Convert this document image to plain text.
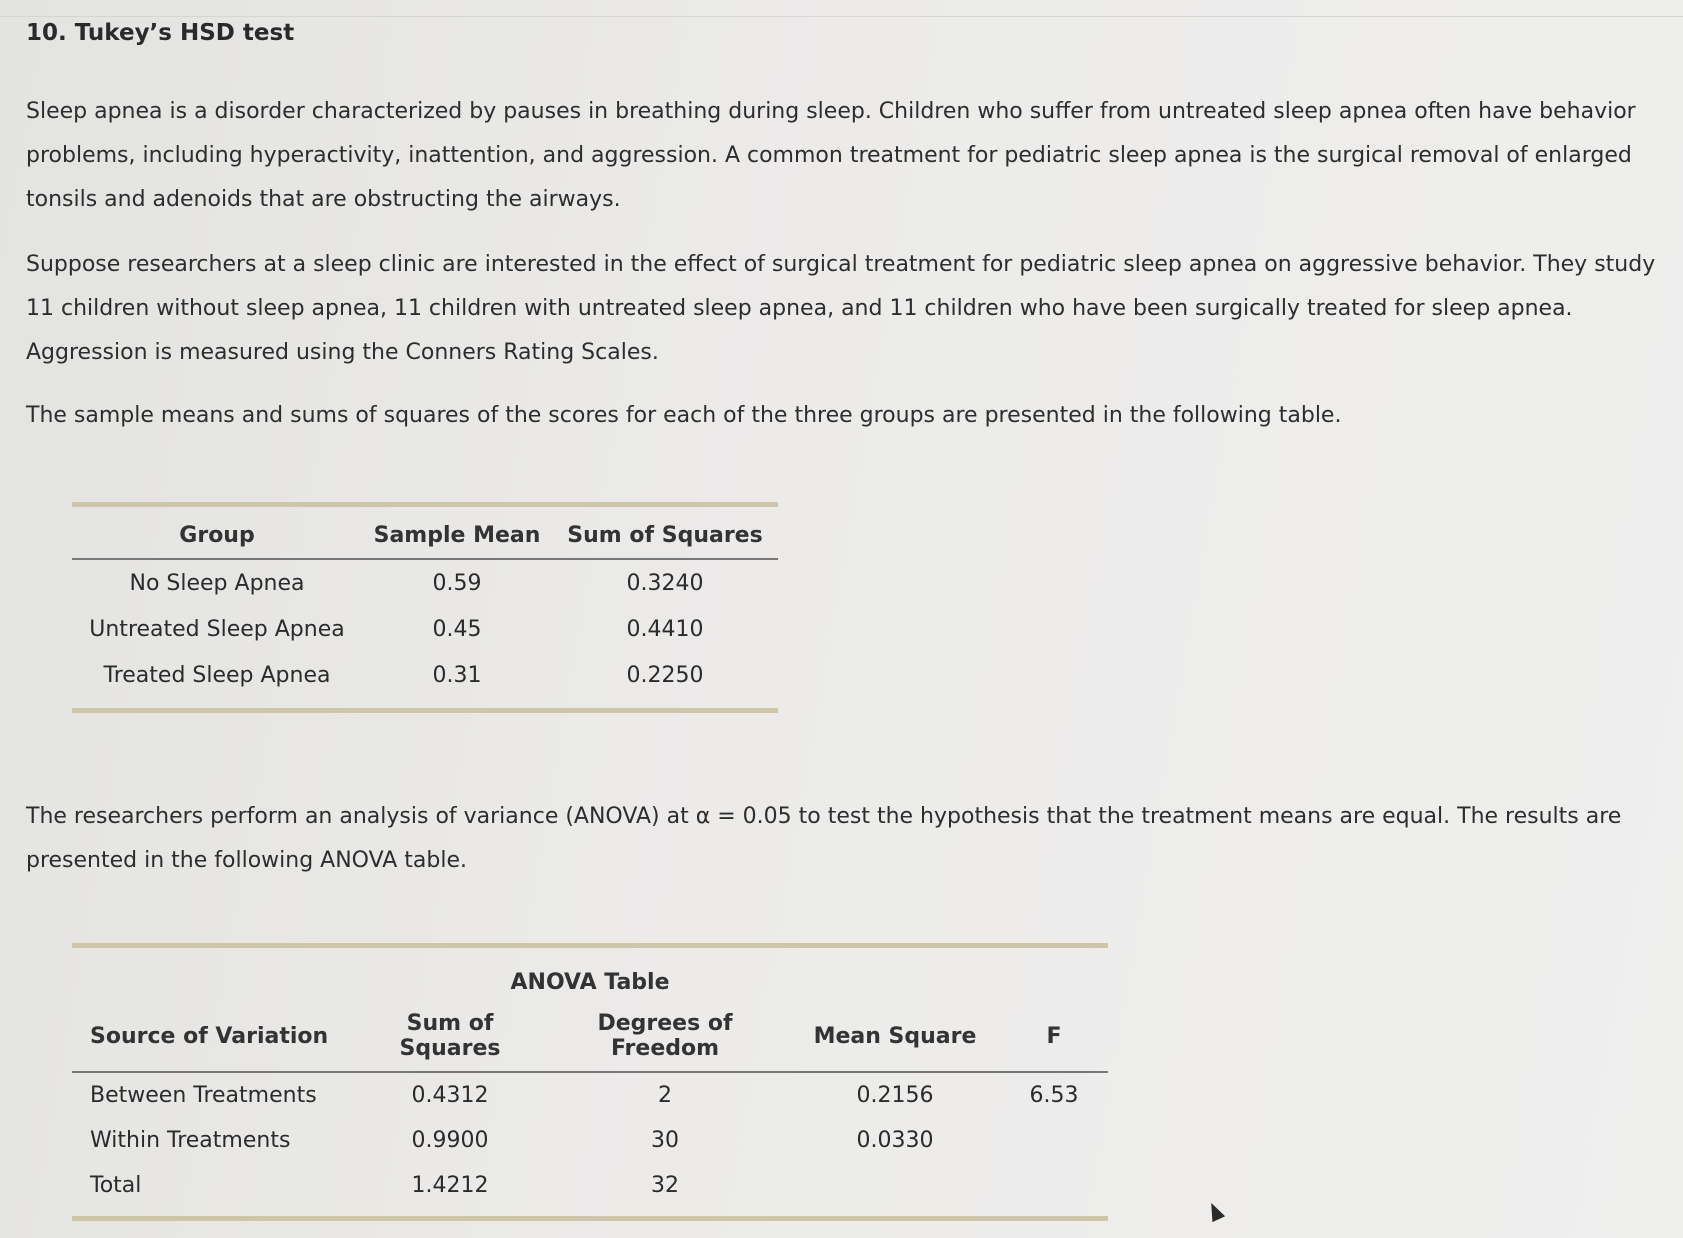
10. Tukey’s HSD test
Sleep apnea is a disorder characterized by pauses in breathing during sleep. Children who suffer from untreated sleep apnea often have behavior problems, including hyperactivity, inattention, and aggression. A common treatment for pediatric sleep apnea is the surgical removal of enlarged tonsils and adenoids that are obstructing the airways.
Suppose researchers at a sleep clinic are interested in the effect of surgical treatment for pediatric sleep apnea on aggressive behavior. They study 11 children without sleep apnea, 11 children with untreated sleep apnea, and 11 children who have been surgically treated for sleep apnea. Aggression is measured using the Conners Rating Scales.
The sample means and sums of squares of the scores for each of the three groups are presented in the following table.
Group	Sample Mean	Sum of Squares

No Sleep Apnea	0.59	0.3240
Untreated Sleep Apnea	0.45	0.4410
Treated Sleep Apnea	0.31	0.2250
The researchers perform an analysis of variance (ANOVA) at α = 0.05 to test the hypothesis that the treatment means are equal. The results are presented in the following ANOVA table.
ANOVA Table
Source of Variation	Sum of Squares	Degrees of Freedom	Mean Square	F

Between Treatments	0.4312	2	0.2156	6.53
Within Treatments	0.9900	30	0.0330	
Total	1.4212	32		
